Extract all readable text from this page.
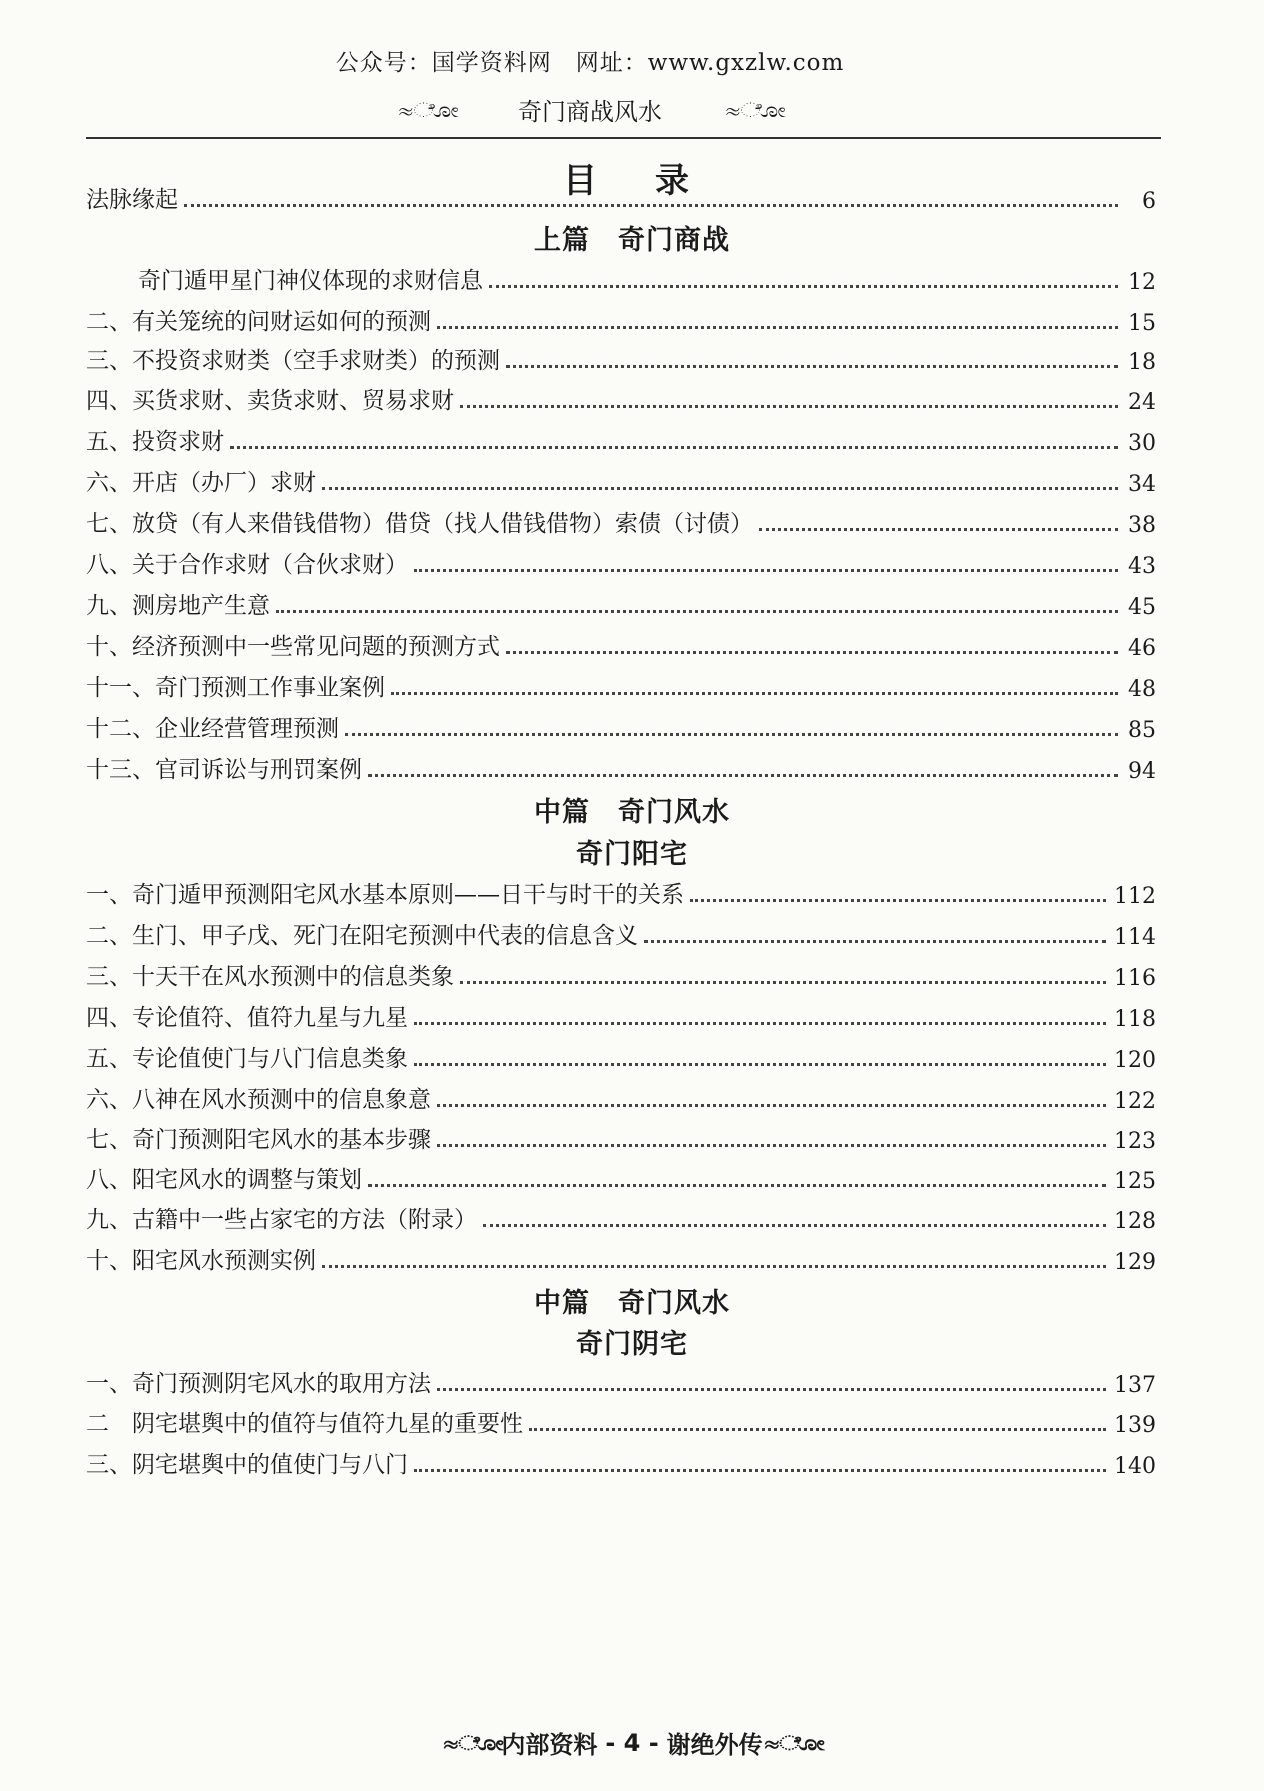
公众号：国学资料网　网址：www.gxzlw.com
≈ೋ	奇门商战风水	≈ೋ
目　录
法脉缘起	6
上篇　奇门商战
奇门遁甲星门神仪体现的求财信息	12
二、有关笼统的问财运如何的预测	15
三、不投资求财类（空手求财类）的预测	18
四、买货求财、卖货求财、贸易求财	24
五、投资求财	30
六、开店（办厂）求财	34
七、放贷（有人来借钱借物）借贷（找人借钱借物）索债（讨债）	38
八、关于合作求财（合伙求财）	43
九、测房地产生意	45
十、经济预测中一些常见问题的预测方式	46
十一、奇门预测工作事业案例	48
十二、企业经营管理预测	85
十三、官司诉讼与刑罚案例	94
中篇　奇门风水
奇门阳宅
一、奇门遁甲预测阳宅风水基本原则——日干与时干的关系	112
二、生门、甲子戊、死门在阳宅预测中代表的信息含义	114
三、十天干在风水预测中的信息类象	116
四、专论值符、值符九星与九星	118
五、专论值使门与八门信息类象	120
六、八神在风水预测中的信息象意	122
七、奇门预测阳宅风水的基本步骤	123
八、阳宅风水的调整与策划	125
九、古籍中一些占家宅的方法（附录）	128
十、阳宅风水预测实例	129
中篇　奇门风水
奇门阴宅
一、奇门预测阴宅风水的取用方法	137
二　阴宅堪舆中的值符与值符九星的重要性	139
三、阴宅堪舆中的值使门与八门	140
≈ೋ 内部资料 - 4 - 谢绝外传 ≈ೋ
